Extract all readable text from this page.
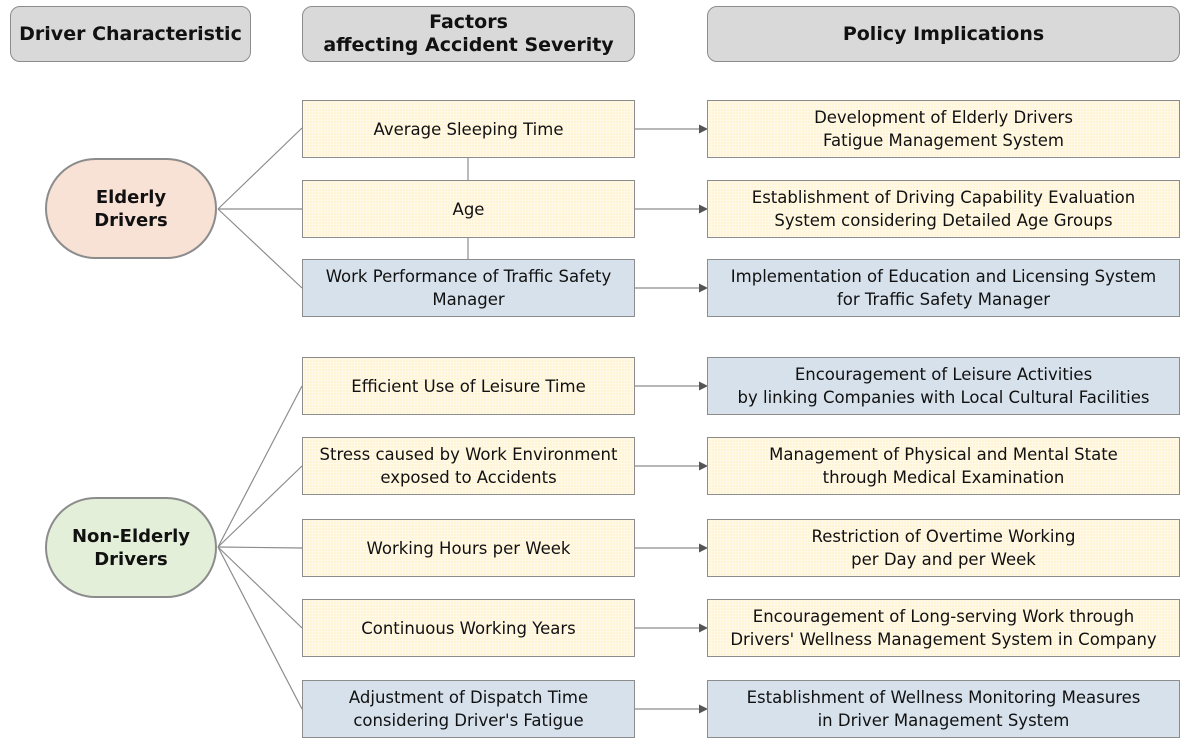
Driver Characteristic
Factors
affecting Accident Severity
Policy Implications
Elderly
Drivers
Non-Elderly
Drivers
Average Sleeping Time
Age
Work Performance of Traffic Safety
Manager
Efficient Use of Leisure Time
Stress caused by Work Environment
exposed to Accidents
Working Hours per Week
Continuous Working Years
Adjustment of Dispatch Time
considering Driver's Fatigue
Development of Elderly Drivers
Fatigue Management System
Establishment of Driving Capability Evaluation
System considering Detailed Age Groups
Implementation of Education and Licensing System
for Traffic Safety Manager
Encouragement of Leisure Activities
by linking Companies with Local Cultural Facilities
Management of Physical and Mental State
through Medical Examination
Restriction of Overtime Working
per Day and per Week
Encouragement of Long-serving Work through
Drivers' Wellness Management System in Company
Establishment of Wellness Monitoring Measures
in Driver Management System
